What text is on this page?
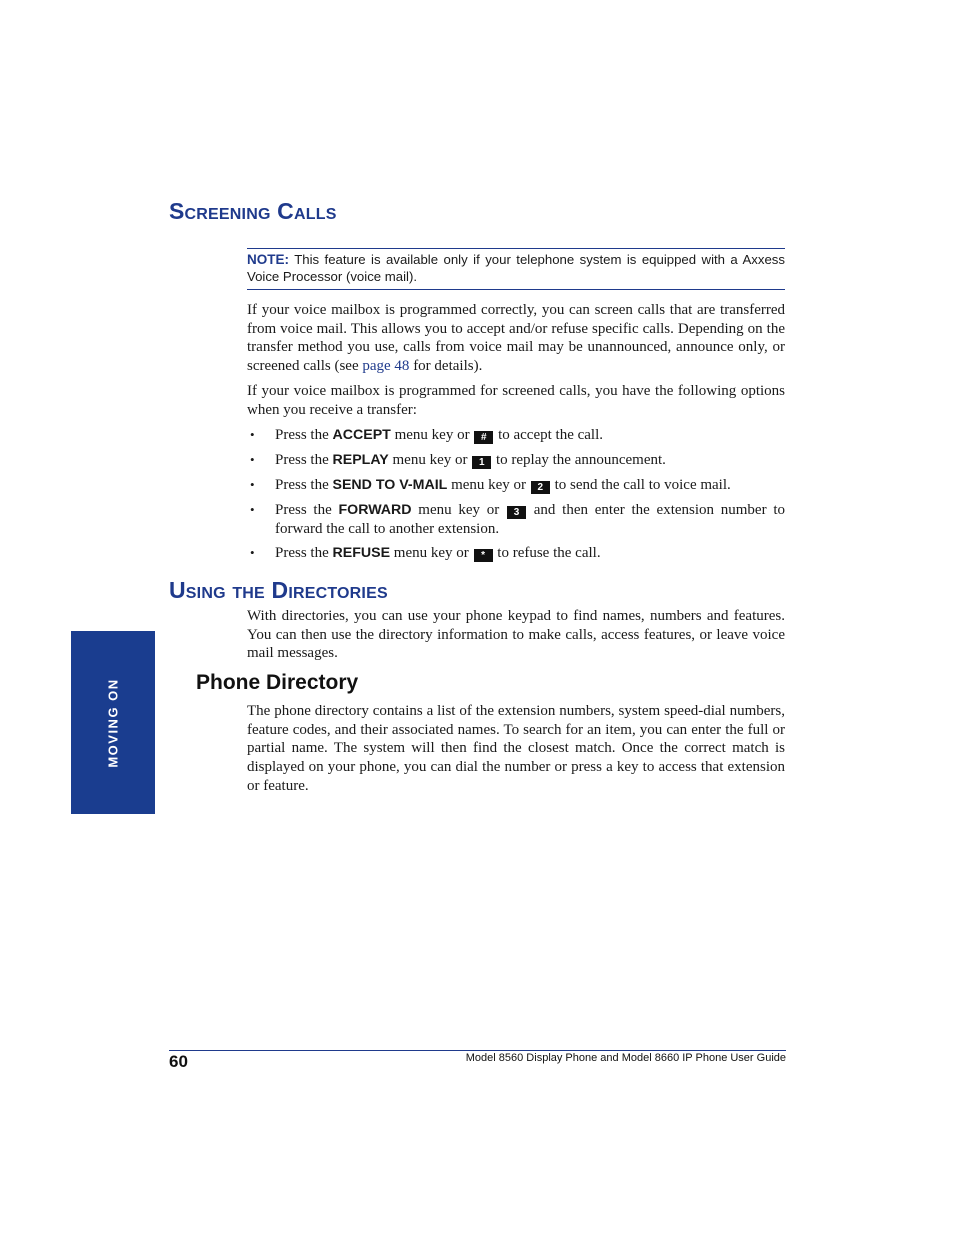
Screening Calls
NOTE: This feature is available only if your telephone system is equipped with a Axxess Voice Processor (voice mail).

If your voice mailbox is programmed correctly, you can screen calls that are transferred from voice mail. This allows you to accept and/or refuse specific calls. Depending on the transfer method you use, calls from voice mail may be unannounced, announce only, or screened calls (see page 48 for details).

If your voice mailbox is programmed for screened calls, you have the following options when you receive a transfer:

• Press the ACCEPT menu key or # to accept the call.
• Press the REPLAY menu key or 1 to replay the announcement.
• Press the SEND TO V-MAIL menu key or 2 to send the call to voice mail.
• Press the FORWARD menu key or 3 and then enter the extension number to forward the call to another extension.
• Press the REFUSE menu key or * to refuse the call.
Using the Directories

With directories, you can use your phone keypad to find names, numbers and features. You can then use the directory information to make calls, access features, or leave voice mail messages.

Phone Directory

The phone directory contains a list of the extension numbers, system speed-dial numbers, feature codes, and their associated names. To search for an item, you can enter the full or partial name. The system will then find the closest match. Once the correct match is displayed on your phone, you can dial the number or press a key to access that extension or feature.

MOVING ON
60	Model 8560 Display Phone and Model 8660 IP Phone User Guide
